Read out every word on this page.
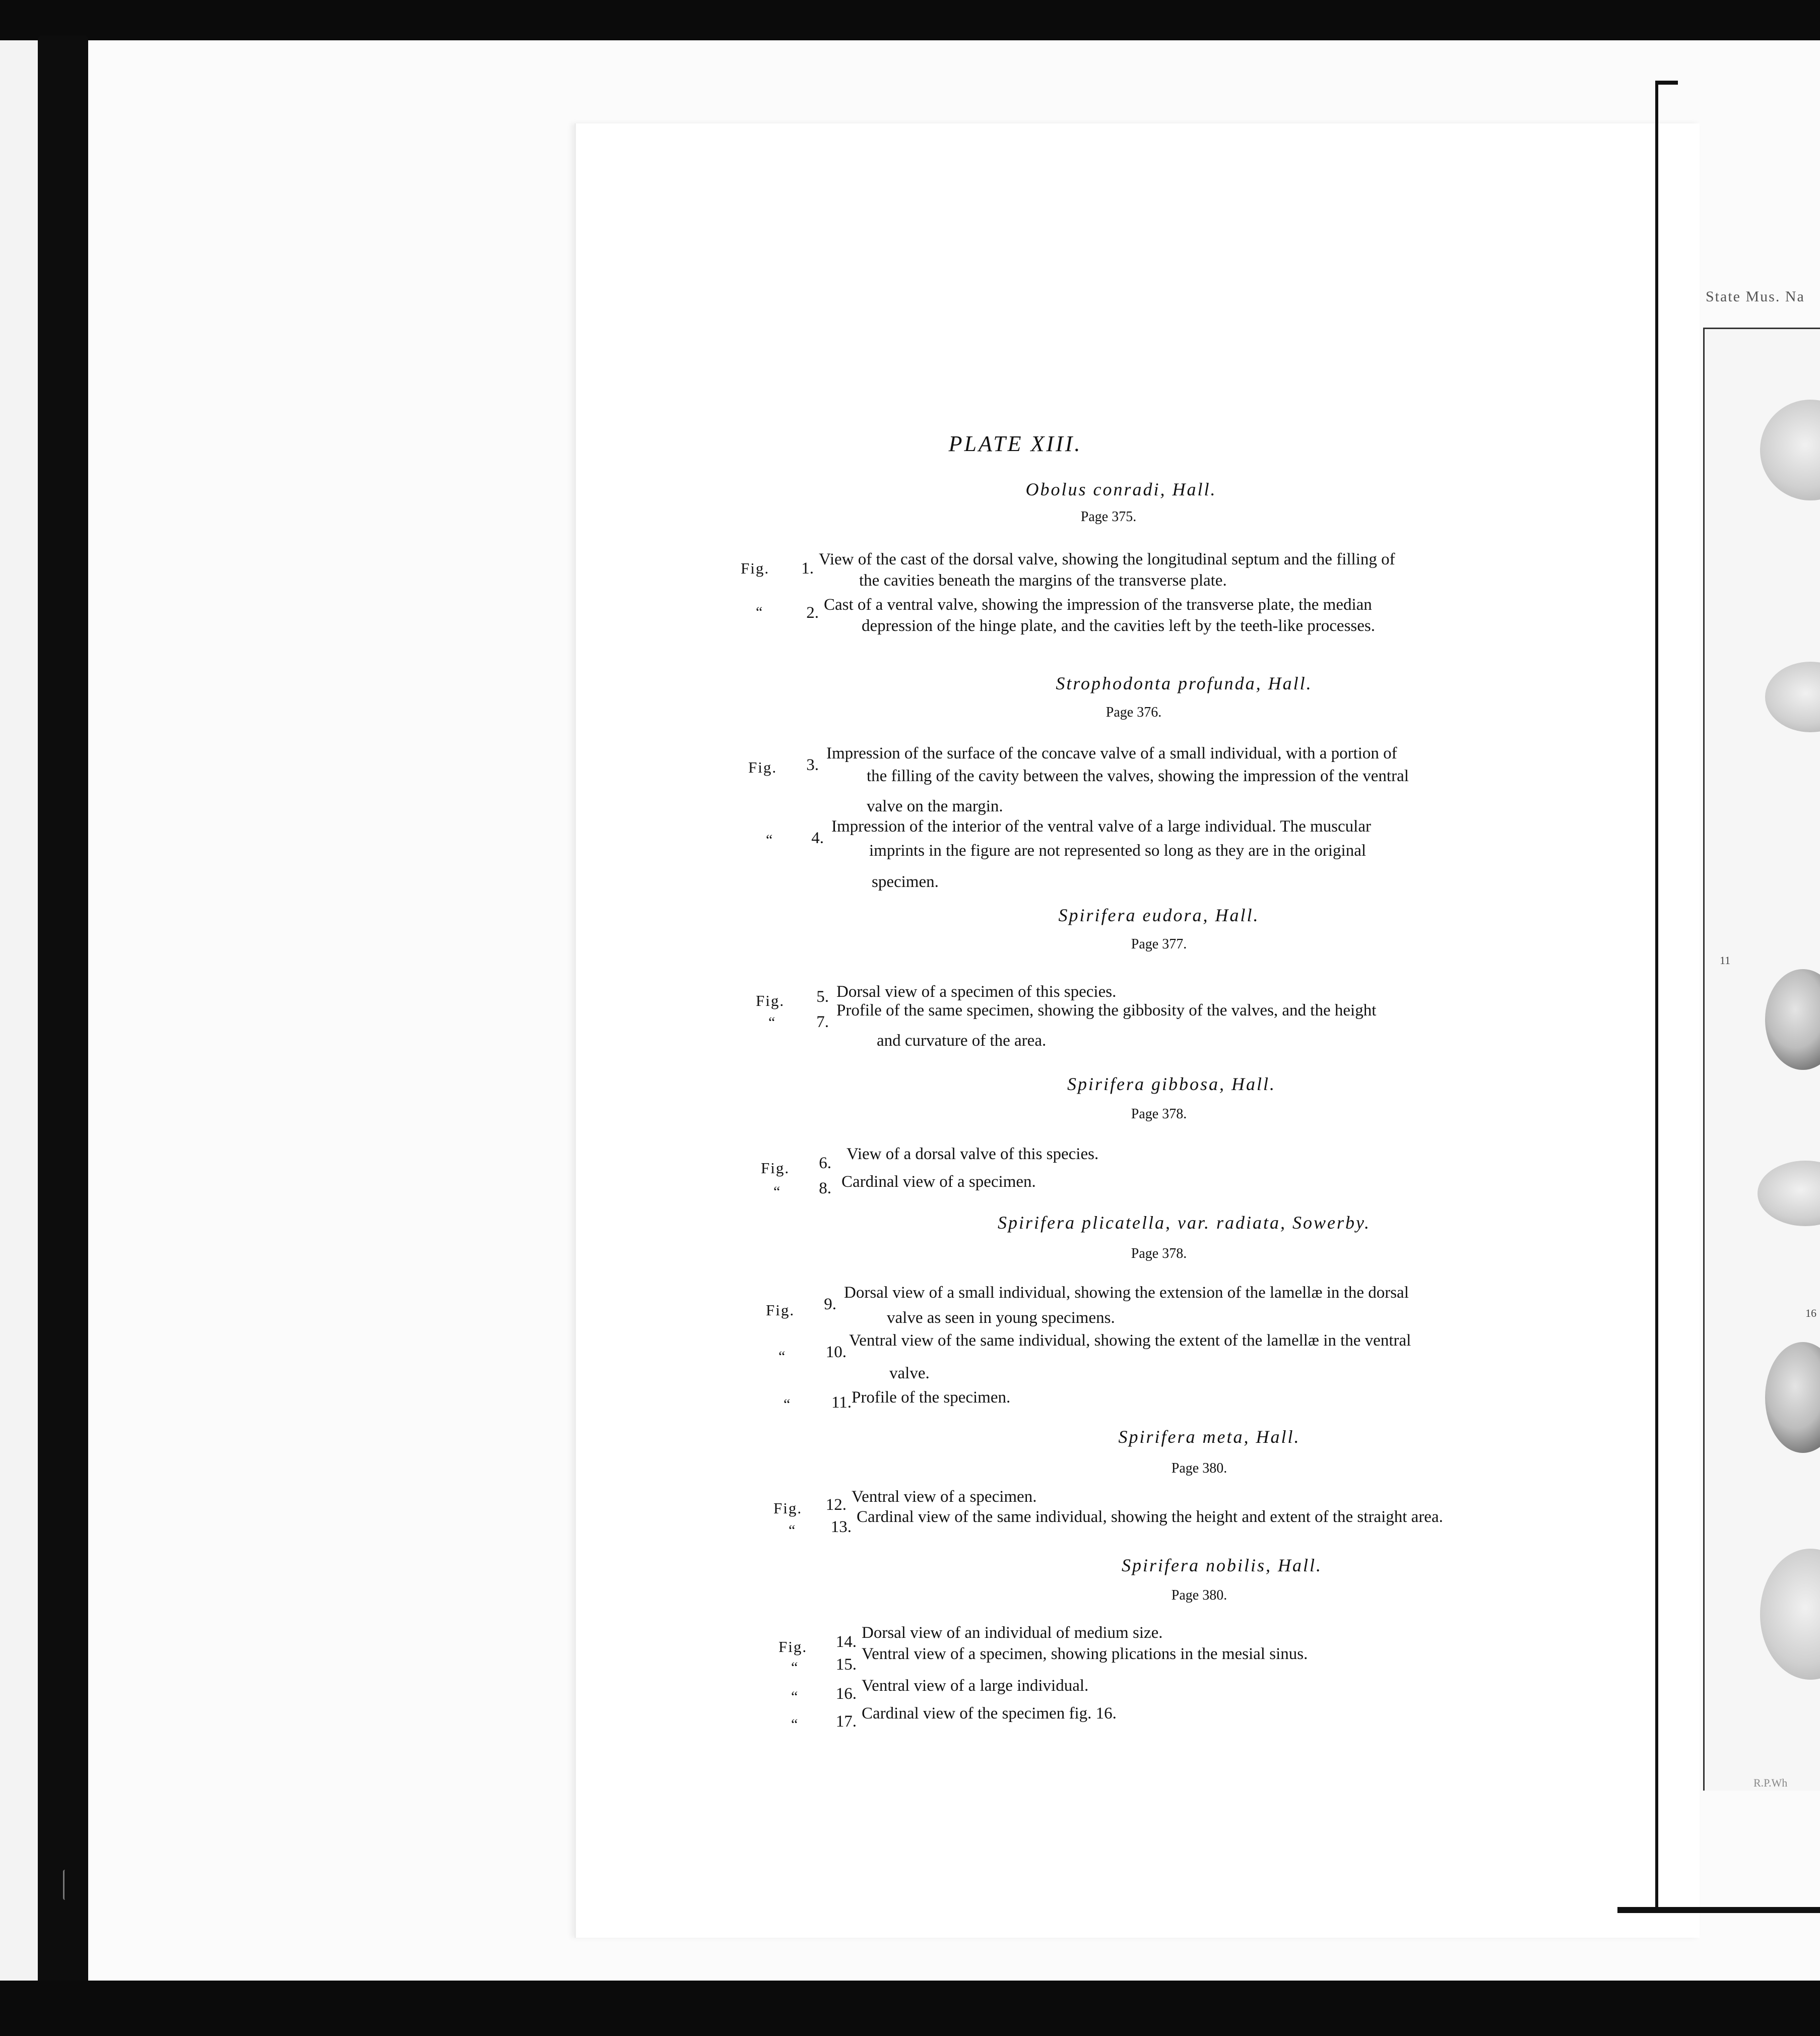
State Mus. Na
11
16
R.P.Wh
PLATE XIII.
Obolus conradi, Hall.
Page 375.
Fig.	1. View of the cast of the dorsal valve, showing the longitudinal septum and the filling of
the cavities beneath the margins of the transverse plate.
“	2. Cast of a ventral valve, showing the impression of the transverse plate, the median
depression of the hinge plate, and the cavities left by the teeth-like processes.
Strophodonta profunda, Hall.
Page 376.
Fig.	3.
Impression of the surface of the concave valve of a small individual, with a portion of
the filling of the cavity between the valves, showing the impression of the ventral
valve on the margin.
“	4.
Impression of the interior of the ventral valve of a large individual. The muscular
imprints in the figure are not represented so long as they are in the original
specimen.
Spirifera eudora, Hall.
Page 377.
Fig.	5. Dorsal view of a specimen of this species.
“	7.
Profile of the same specimen, showing the gibbosity of the valves, and the height
and curvature of the area.
Spirifera gibbosa, Hall.
Page 378.
Fig.	6. View of a dorsal valve of this species.
“	8. Cardinal view of a specimen.
Spirifera plicatella, var. radiata, Sowerby.
Page 378.
Fig.	9.
Dorsal view of a small individual, showing the extension of the lamellæ in the dorsal
valve as seen in young specimens.
“	10.
Ventral view of the same individual, showing the extent of the lamellæ in the ventral
valve.
“	11. Profile of the specimen.
Spirifera meta, Hall.
Page 380.
Fig.	12. Ventral view of a specimen.
“	13.
Cardinal view of the same individual, showing the height and extent of the straight area.
Spirifera nobilis, Hall.
Page 380.
Fig.	14. Dorsal view of an individual of medium size.
“	15.
Ventral view of a specimen, showing plications in the mesial sinus.
“	16. Ventral view of a large individual.
“	17. Cardinal view of the specimen fig. 16.
